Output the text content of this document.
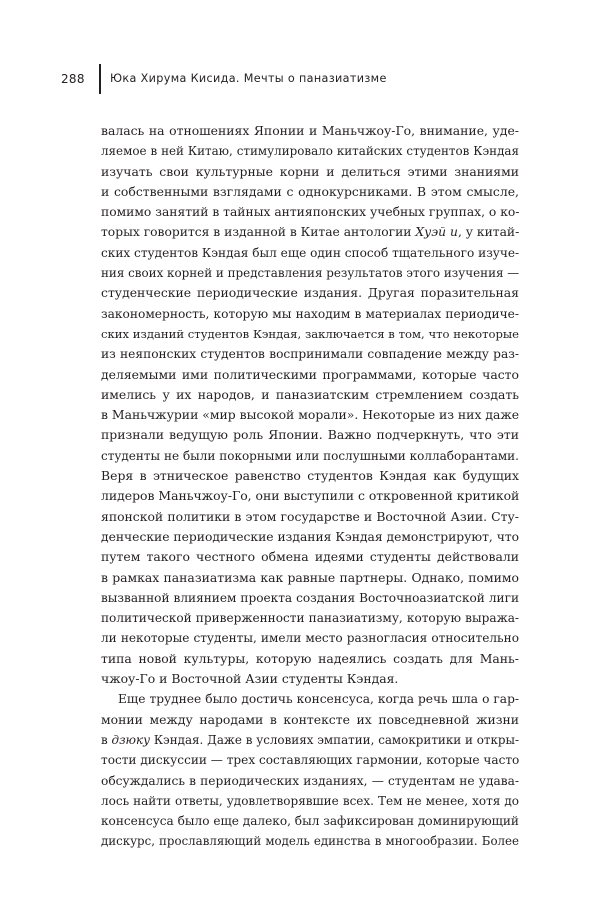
288	Юка Хирума Кисида. Мечты о паназиатизме
валась на отношениях Японии и Маньчжоу-Го, внимание, уде-
ляемое в ней Китаю, стимулировало китайских студентов Кэндая
изучать свои культурные корни и делиться этими знаниями
и собственными взглядами с однокурсниками. В этом смысле,
помимо занятий в тайных антияпонских учебных группах, о ко-
торых говорится в изданной в Китае антологии Хуэй и, у китай-
ских студентов Кэндая был еще один способ тщательного изуче-
ния своих корней и представления результатов этого изучения —
студенческие периодические издания. Другая поразительная
закономерность, которую мы находим в материалах периодиче-
ских изданий студентов Кэндая, заключается в том, что некоторые
из неяпонских студентов воспринимали совпадение между раз-
деляемыми ими политическими программами, которые часто
имелись у их народов, и паназиатским стремлением создать
в Маньчжурии «мир высокой морали». Некоторые из них даже
признали ведущую роль Японии. Важно подчеркнуть, что эти
студенты не были покорными или послушными коллаборантами.
Веря в этническое равенство студентов Кэндая как будущих
лидеров Маньчжоу-Го, они выступили с откровенной критикой
японской политики в этом государстве и Восточной Азии. Сту-
денческие периодические издания Кэндая демонстрируют, что
путем такого честного обмена идеями студенты действовали
в рамках паназиатизма как равные партнеры. Однако, помимо
вызванной влиянием проекта создания Восточноазиатской лиги
политической приверженности паназиатизму, которую выража-
ли некоторые студенты, имели место разногласия относительно
типа новой культуры, которую надеялись создать для Мань-
чжоу-Го и Восточной Азии студенты Кэндая.
Еще труднее было достичь консенсуса, когда речь шла о гар-
монии между народами в контексте их повседневной жизни
в дзюку Кэндая. Даже в условиях эмпатии, самокритики и откры-
тости дискуссии — трех составляющих гармонии, которые часто
обсуждались в периодических изданиях, — студентам не удава-
лось найти ответы, удовлетворявшие всех. Тем не менее, хотя до
консенсуса было еще далеко, был зафиксирован доминирующий
дискурс, прославляющий модель единства в многообразии. Более
